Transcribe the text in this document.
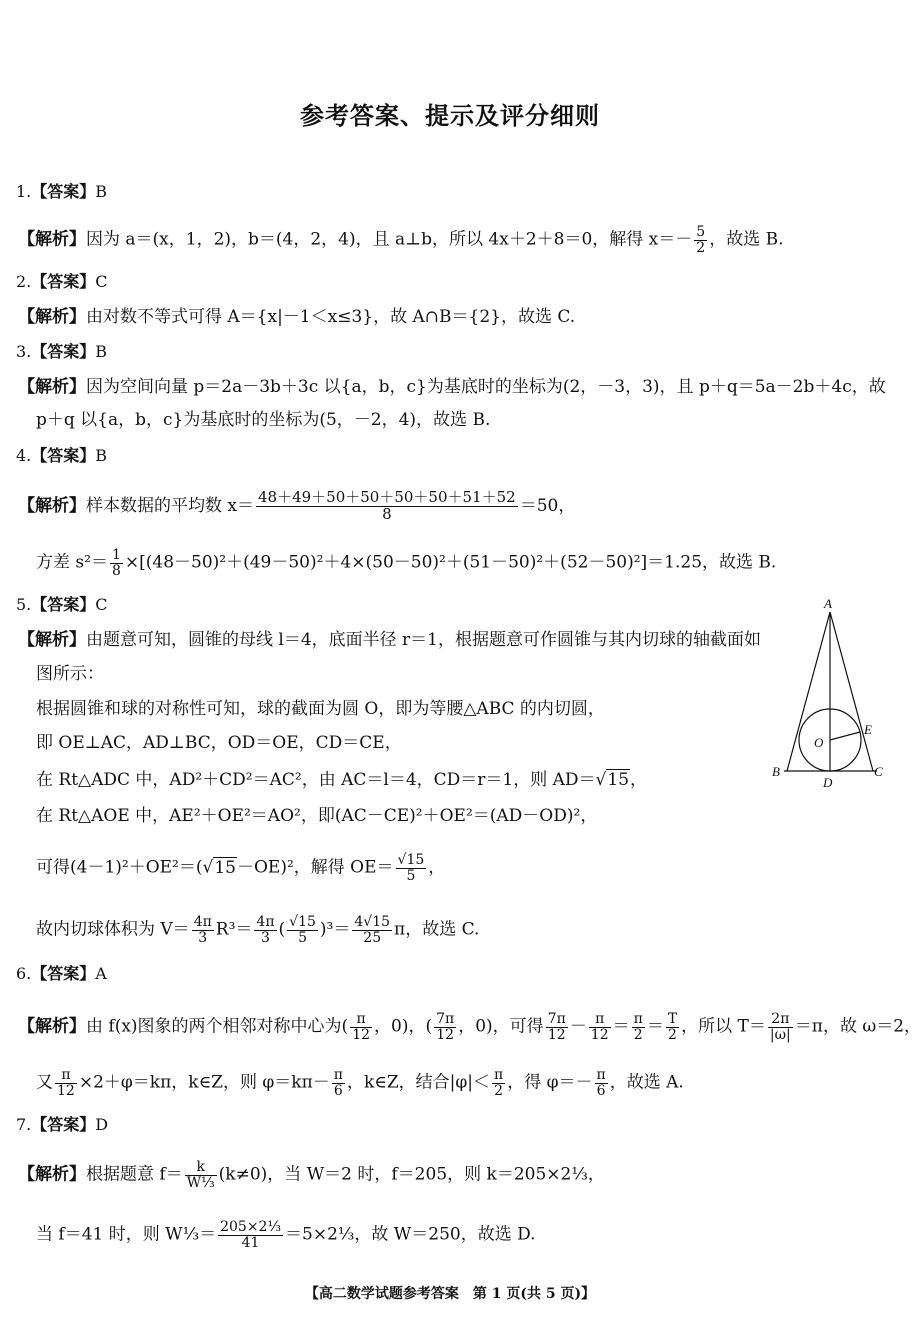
参考答案、提示及评分细则
1.【答案】B
【解析】因为 a＝(x，1，2)，b＝(4，2，4)，且 a⊥b，所以 4x＋2＋8＝0，解得 $x=- \frac{5}{2}$ ，故选 B.
2.【答案】C
【解析】由对数不等式可得 A＝{x|－1＜x≤3}，故 A∩B＝{2}，故选 C.
3.【答案】B
【解析】因为空间向量 p＝2a－3b＋3c 以{a，b，c}为基底时的坐标为(2，－3，3)，且 p＋q＝5a－2b＋4c，故
p＋q 以{a，b，c}为基底时的坐标为(5，－2，4)，故选 B.
4.【答案】B
【解析】样本数据的平均数 $x= \frac{48+49+50+50+50+50+51+52}{8} =50$，
方差 $s^2= \frac{1}{8} \times[(48-50)^2+(49-50)^2+4\times(50-50)^2+(51-50)^2+(52-50)^2]=1.25$，故选 B.
5.【答案】C
【解析】由题意可知，圆锥的母线 l＝4，底面半径 r＝1，根据题意可作圆锥与其内切球的轴截面如
图所示：
根据圆锥和球的对称性可知，球的截面为圆 O，即为等腰△ABC 的内切圆，
即 OE⊥AC，AD⊥BC，OD＝OE，CD＝CE，
在 Rt△ADC 中，AD²＋CD²＝AC²，由 AC＝l＝4，CD＝r＝1，则 AD＝√15，
在 Rt△AOE 中，AE²＋OE²＝AO²，即(AC－CE)²＋OE²＝(AD－OD)²，
可得(4－1)²＋OE²＝(√15－OE)²，解得 $OE= \frac{√15}{5}$ ，
故内切球体积为 $V= \frac{4\pi}{3} R^3= \frac{4\pi}{3}$ ( $\frac{√15}{5} )^3= \frac{4√15}{25}$ π，故选 C.
A
B	C
D
E
O
6.【答案】A
【解析】由 f(x)图象的两个相邻对称中心为( $\frac{\pi}{12}$ ，0)，( $\frac{7\pi}{12}$ ，0)，可得 $\frac{7\pi}{12} - \frac{\pi}{12} = \frac{\pi}{2} = \frac{T}{2}$ ，所以 $T= \frac{2\pi}{|\omega|} =\pi$，故 ω＝2，
又 $\frac{\pi}{12} \times 2+\varphi=k\pi$，k∈Z，则 $\varphi=k\pi- \frac{\pi}{6}$ ，k∈Z，结合$|\varphi|< \frac{\pi}{2}$ ，得 $\varphi=- \frac{\pi}{6}$ ，故选 A.
7.【答案】D
【解析】根据题意 $f= \frac{k}{\text{W⅓}} (k\ne 0)$，当 W＝2 时，f＝205，则 k＝205×2⅓，
当 f＝41 时，则 W⅓＝ $\frac{\text{205×2⅓}}{41}$ ＝5×2⅓，故 W＝250，故选 D.
【高二数学试题参考答案　第 1 页(共 5 页)】
